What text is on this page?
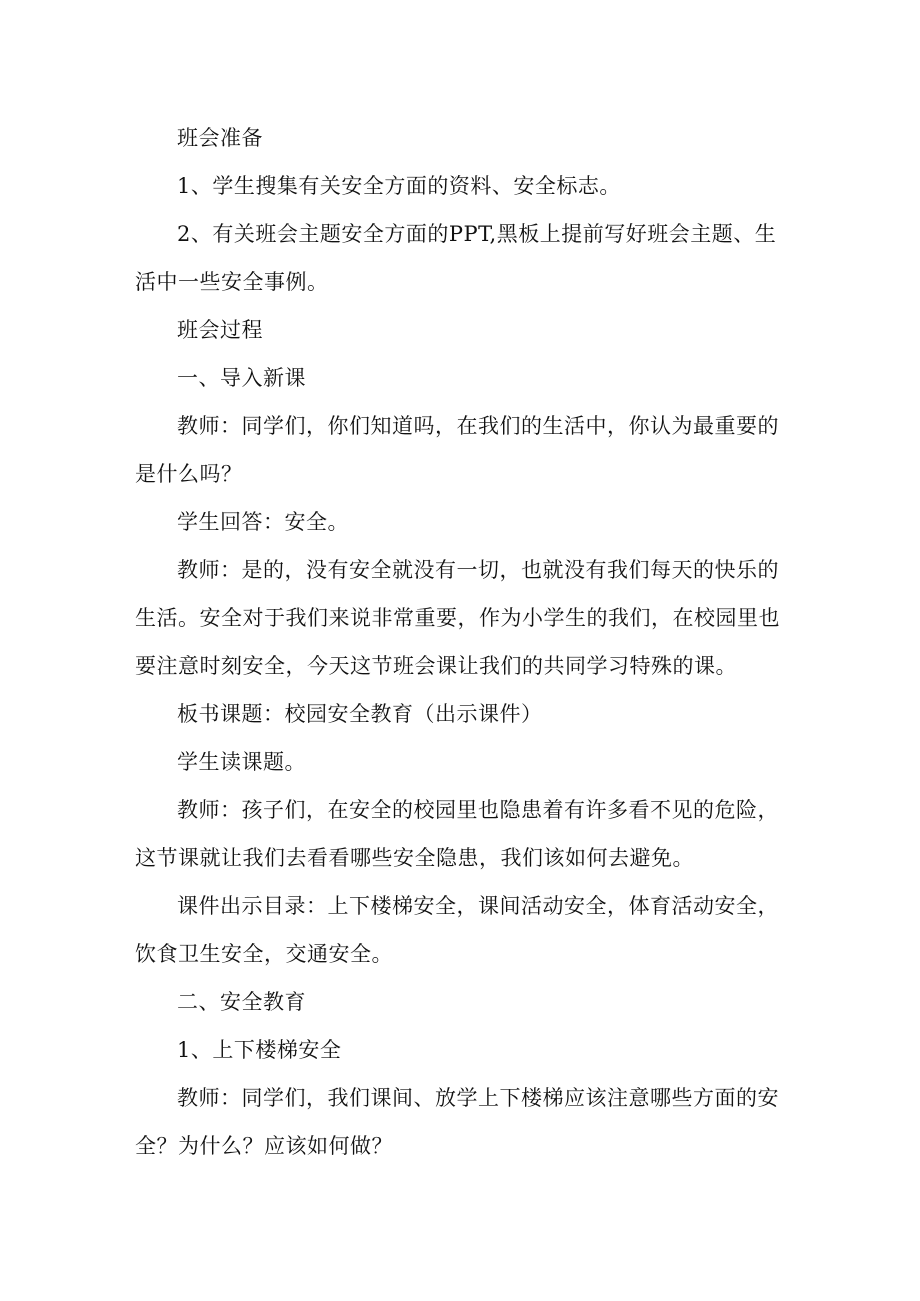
班会准备

1、学生搜集有关安全方面的资料、安全标志。

2、有关班会主题安全方面的PPT,黑板上提前写好班会主题、生活中一些安全事例。

班会过程

一、导入新课

教师：同学们，你们知道吗，在我们的生活中，你认为最重要的是什么吗？

学生回答：安全。

教师：是的，没有安全就没有一切，也就没有我们每天的快乐的生活。安全对于我们来说非常重要，作为小学生的我们，在校园里也要注意时刻安全，今天这节班会课让我们的共同学习特殊的课。

板书课题：校园安全教育（出示课件）

学生读课题。

教师：孩子们，在安全的校园里也隐患着有许多看不见的危险，这节课就让我们去看看哪些安全隐患，我们该如何去避免。

课件出示目录：上下楼梯安全，课间活动安全，体育活动安全，饮食卫生安全，交通安全。

二、安全教育

1、上下楼梯安全

教师：同学们，我们课间、放学上下楼梯应该注意哪些方面的安全？为什么？应该如何做？
